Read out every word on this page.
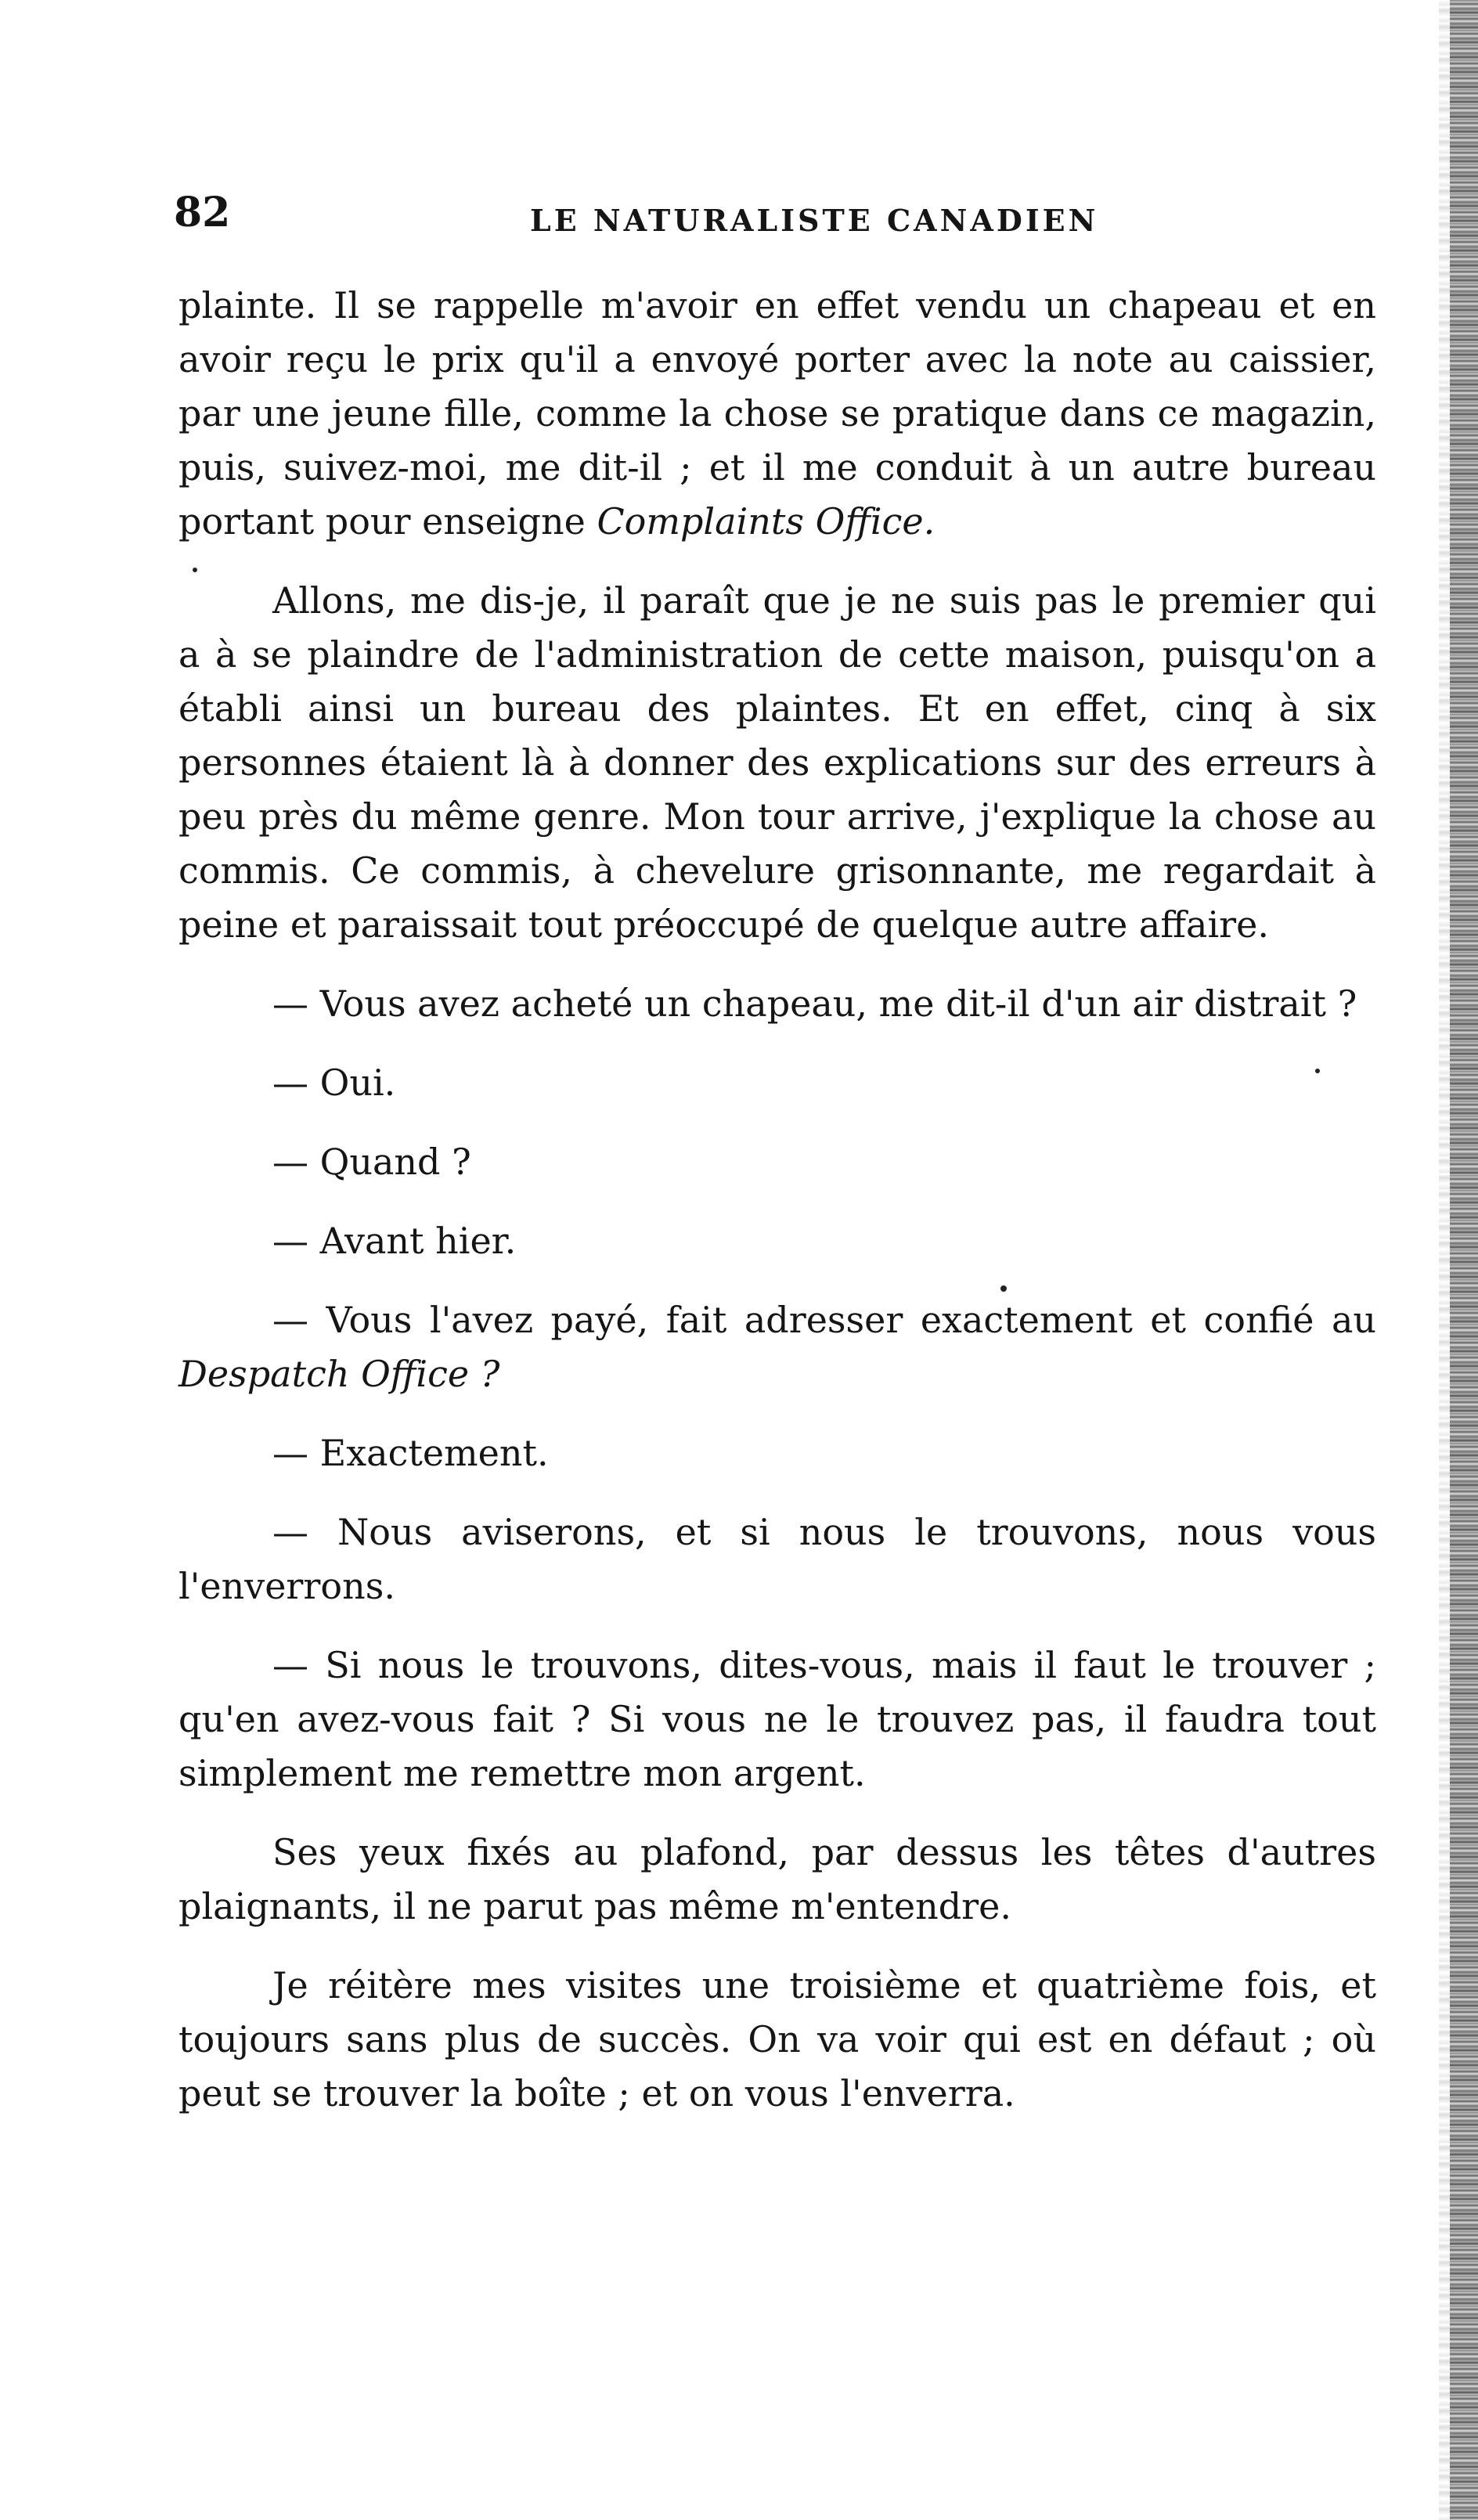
82	LE NATURALISTE CANADIEN

plainte. Il se rappelle m'avoir en effet vendu un chapeau et en avoir reçu le prix qu'il a envoyé porter avec la note au caissier, par une jeune fille, comme la chose se pratique dans ce magazin, puis, suivez-moi, me dit-il ; et il me conduit à un autre bureau portant pour enseigne Complaints Office.

Allons, me dis-je, il paraît que je ne suis pas le premier qui a à se plaindre de l'administration de cette maison, puisqu'on a établi ainsi un bureau des plaintes. Et en effet, cinq à six personnes étaient là à donner des explications sur des erreurs à peu près du même genre. Mon tour arrive, j'explique la chose au commis. Ce commis, à chevelure grisonnante, me regardait à peine et paraissait tout préoccupé de quelque autre affaire.

— Vous avez acheté un chapeau, me dit-il d'un air distrait ?

— Oui.

— Quand ?

— Avant hier.

— Vous l'avez payé, fait adresser exactement et confié au Despatch Office ?

— Exactement.

— Nous aviserons, et si nous le trouvons, nous vous l'enverrons.

— Si nous le trouvons, dites-vous, mais il faut le trouver ; qu'en avez-vous fait ? Si vous ne le trouvez pas, il faudra tout simplement me remettre mon argent.

Ses yeux fixés au plafond, par dessus les têtes d'autres plaignants, il ne parut pas même m'entendre.

Je réitère mes visites une troisième et quatrième fois, et toujours sans plus de succès. On va voir qui est en défaut ; où peut se trouver la boîte ; et on vous l'enverra.
